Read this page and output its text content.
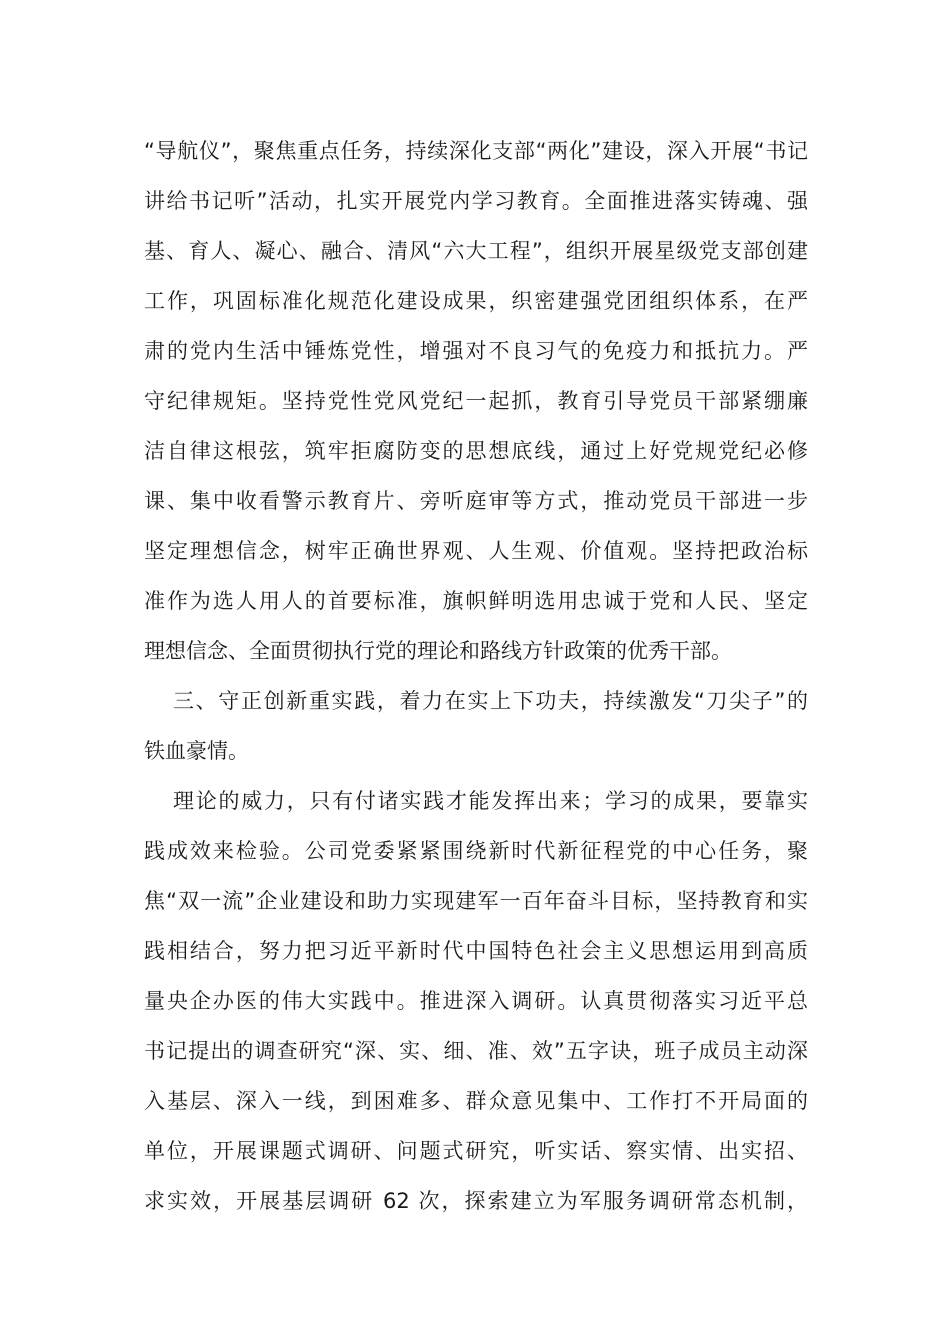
“导航仪”，聚焦重点任务，持续深化支部“两化”建设，深入开展“书记
讲给书记听”活动，扎实开展党内学习教育。全面推进落实铸魂、强
基、育人、凝心、融合、清风“六大工程”，组织开展星级党支部创建
工作，巩固标准化规范化建设成果，织密建强党团组织体系，在严
肃的党内生活中锤炼党性，增强对不良习气的免疫力和抵抗力。严
守纪律规矩。坚持党性党风党纪一起抓，教育引导党员干部紧绷廉
洁自律这根弦，筑牢拒腐防变的思想底线，通过上好党规党纪必修
课、集中收看警示教育片、旁听庭审等方式，推动党员干部进一步
坚定理想信念，树牢正确世界观、人生观、价值观。坚持把政治标
准作为选人用人的首要标准，旗帜鲜明选用忠诚于党和人民、坚定
理想信念、全面贯彻执行党的理论和路线方针政策的优秀干部。
三、守正创新重实践，着力在实上下功夫，持续激发“刀尖子”的
铁血豪情。
理论的威力，只有付诸实践才能发挥出来；学习的成果，要靠实
践成效来检验。公司党委紧紧围绕新时代新征程党的中心任务，聚
焦“双一流”企业建设和助力实现建军一百年奋斗目标，坚持教育和实
践相结合，努力把习近平新时代中国特色社会主义思想运用到高质
量央企办医的伟大实践中。推进深入调研。认真贯彻落实习近平总
书记提出的调查研究“深、实、细、准、效”五字诀，班子成员主动深
入基层、深入一线，到困难多、群众意见集中、工作打不开局面的
单位，开展课题式调研、问题式研究，听实话、察实情、出实招、
求实效，开展基层调研 62 次，探索建立为军服务调研常态机制，
